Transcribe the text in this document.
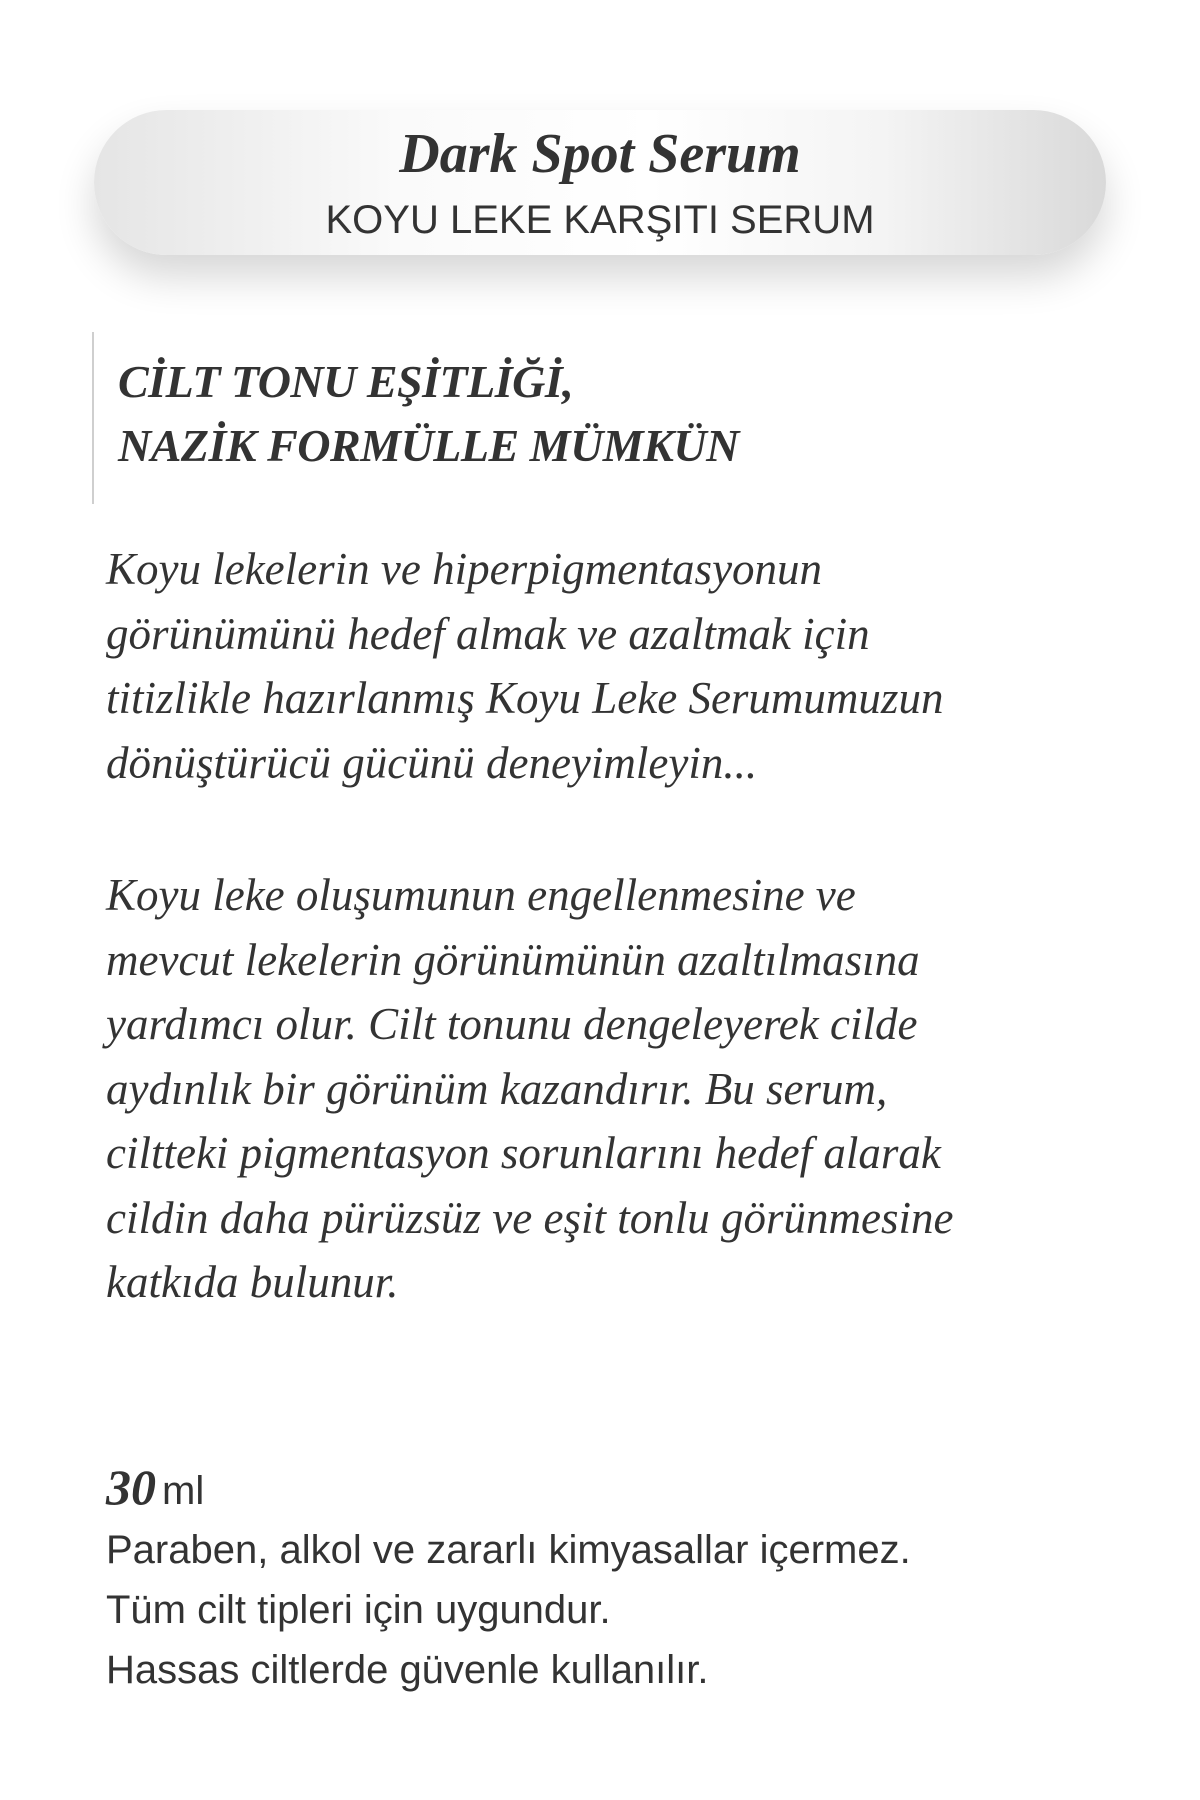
Dark Spot Serum
KOYU LEKE KARŞITI SERUM
CİLT TONU EŞİTLİĞİ,
NAZİK FORMÜLLE MÜMKÜN
Koyu lekelerin ve hiperpigmentasyonun
görünümünü hedef almak ve azaltmak için
titizlikle hazırlanmış Koyu Leke Serumumuzun
dönüştürücü gücünü deneyimleyin...
Koyu leke oluşumunun engellenmesine ve
mevcut lekelerin görünümünün azaltılmasına
yardımcı olur. Cilt tonunu dengeleyerek cilde
aydınlık bir görünüm kazandırır. Bu serum,
ciltteki pigmentasyon sorunlarını hedef alarak
cildin daha pürüzsüz ve eşit tonlu görünmesine
katkıda bulunur.
30 ml
Paraben, alkol ve zararlı kimyasallar içermez.
Tüm cilt tipleri için uygundur.
Hassas ciltlerde güvenle kullanılır.
